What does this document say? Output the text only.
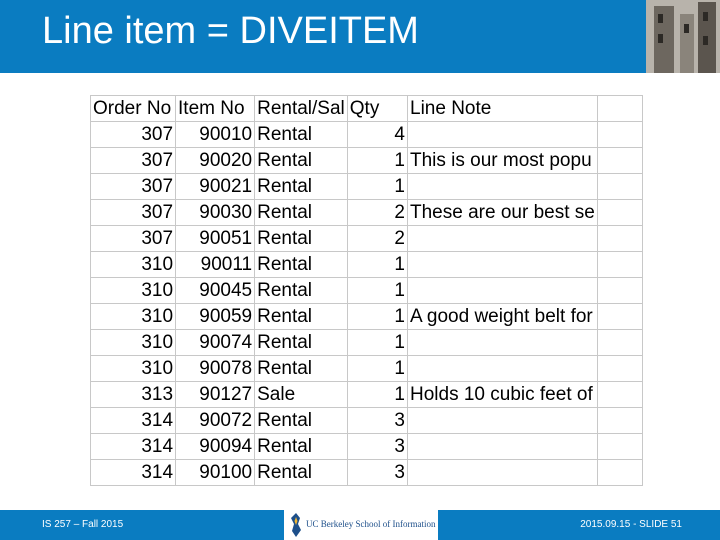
Line item = DIVEITEM
Order No	Item No	Rental/Sal	Qty	Line Note	
307	90010	Rental	4		
307	90020	Rental	1	This is our most popu	
307	90021	Rental	1		
307	90030	Rental	2	These are our best se	
307	90051	Rental	2		
310	90011	Rental	1		
310	90045	Rental	1		
310	90059	Rental	1	A good weight belt for	
310	90074	Rental	1		
310	90078	Rental	1		
313	90127	Sale	1	Holds 10 cubic feet of	
314	90072	Rental	3		
314	90094	Rental	3		
314	90100	Rental	3		
IS 257 – Fall 2015	UC Berkeley School of Information	2015.09.15 - SLIDE 51
